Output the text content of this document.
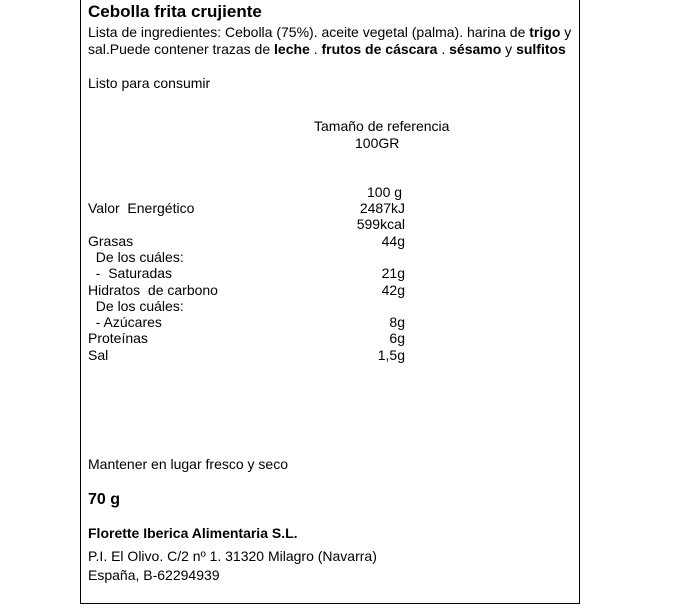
Cebolla frita crujiente
Lista de ingredientes: Cebolla (75%). aceite vegetal (palma). harina de trigo y sal.Puede contener trazas de leche . frutos de cáscara . sésamo y sulfitos
Listo para consumir
Tamaño de referencia
100GR
100 g
Valor  Energético	2487kJ
599kcal
Grasas	44g
De los cuáles:
-  Saturadas	21g
Hidratos  de carbono	42g
De los cuáles:
- Azúcares	8g
Proteínas	6g
Sal	1,5g
Mantener en lugar fresco y seco
70 g
Florette Iberica Alimentaria S.L.
P.I. El Olivo. C/2 nº 1. 31320 Milagro (Navarra)
España, B-62294939
